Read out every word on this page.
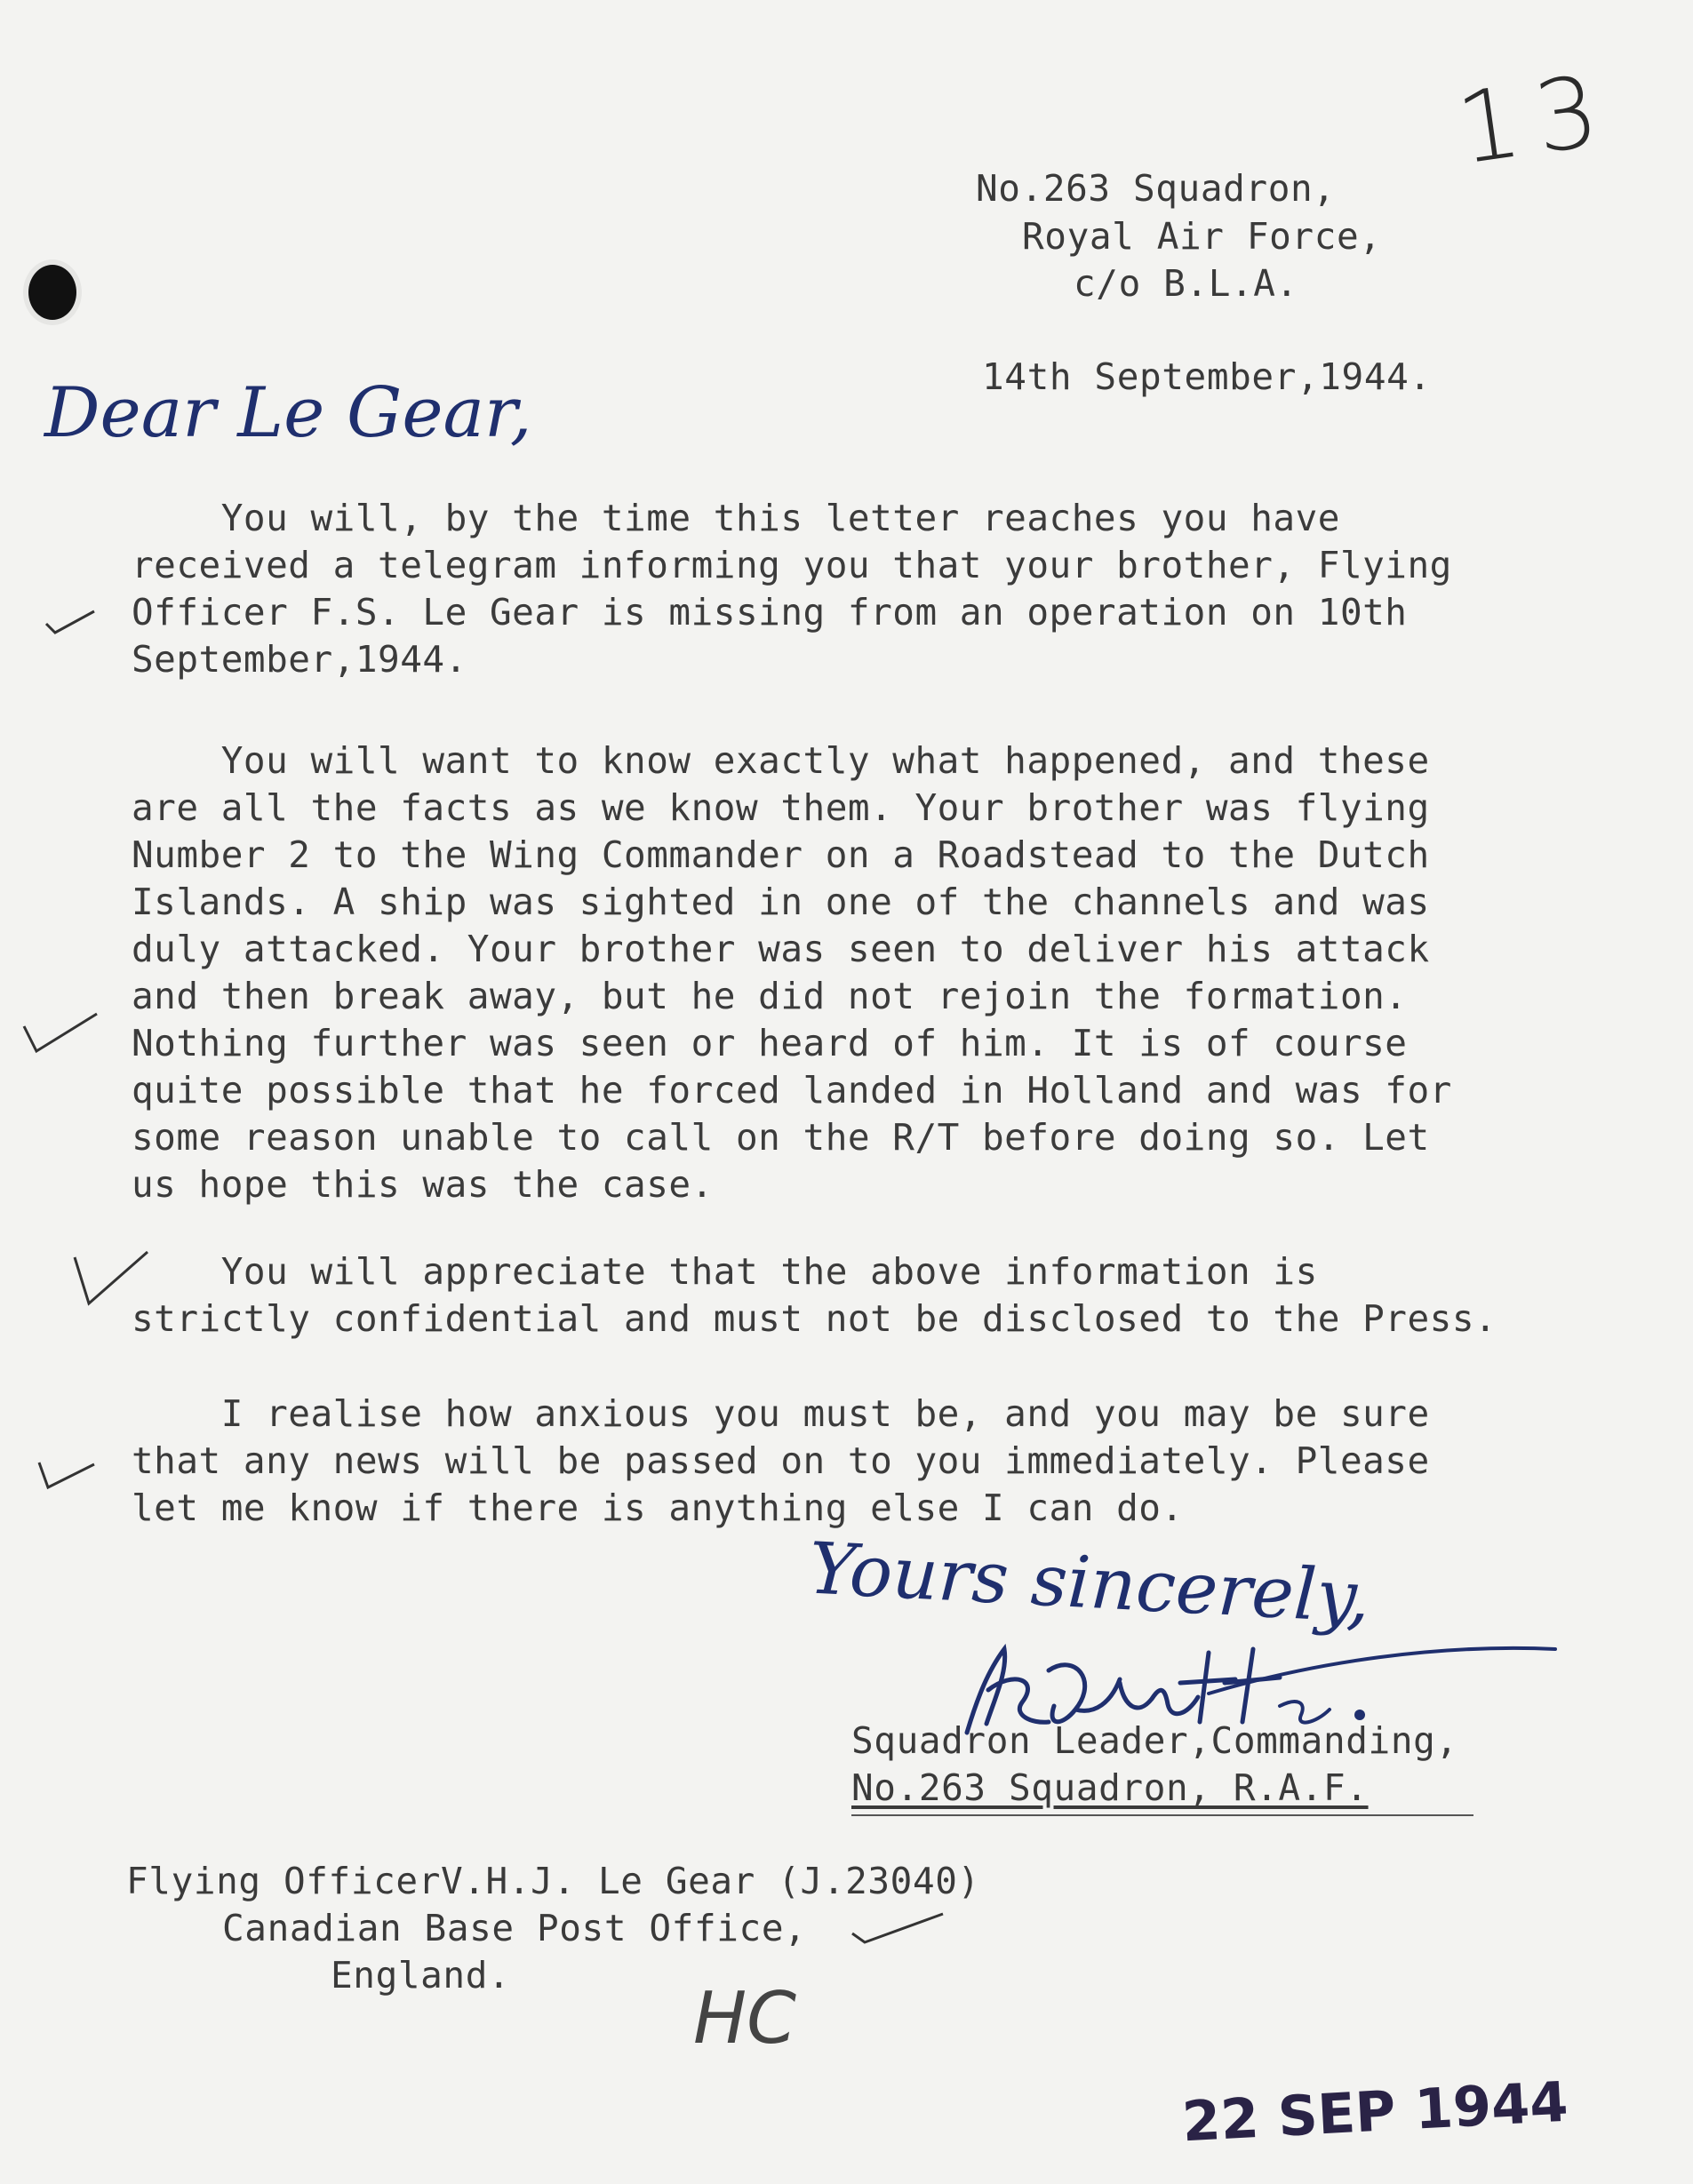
13
No.263 Squadron,
Royal Air Force,
c/o B.L.A.
14th September,1944.
Dear Le Gear,
You will, by the time this letter reaches you have
received a telegram informing you that your brother, Flying
Officer F.S. Le Gear is missing from an operation on 10th
September,1944.
You will want to know exactly what happened, and these
are all the facts as we know them. Your brother was flying
Number 2 to the Wing Commander on a Roadstead to the Dutch
Islands. A ship was sighted in one of the channels and was
duly attacked. Your brother was seen to deliver his attack
and then break away, but he did not rejoin the formation.
Nothing further was seen or heard of him. It is of course
quite possible that he forced landed in Holland and was for
some reason unable to call on the R/T before doing so. Let
us hope this was the case.
You will appreciate that the above information is
strictly confidential and must not be disclosed to the Press.
I realise how anxious you must be, and you may be sure
that any news will be passed on to you immediately. Please
let me know if there is anything else I can do.
Yours sincerely,
Squadron Leader,Commanding,
No.263 Squadron, R.A.F.
Flying OfficerV.H.J. Le Gear (J.23040)
Canadian Base Post Office,
England.
HC
22 SEP 1944
